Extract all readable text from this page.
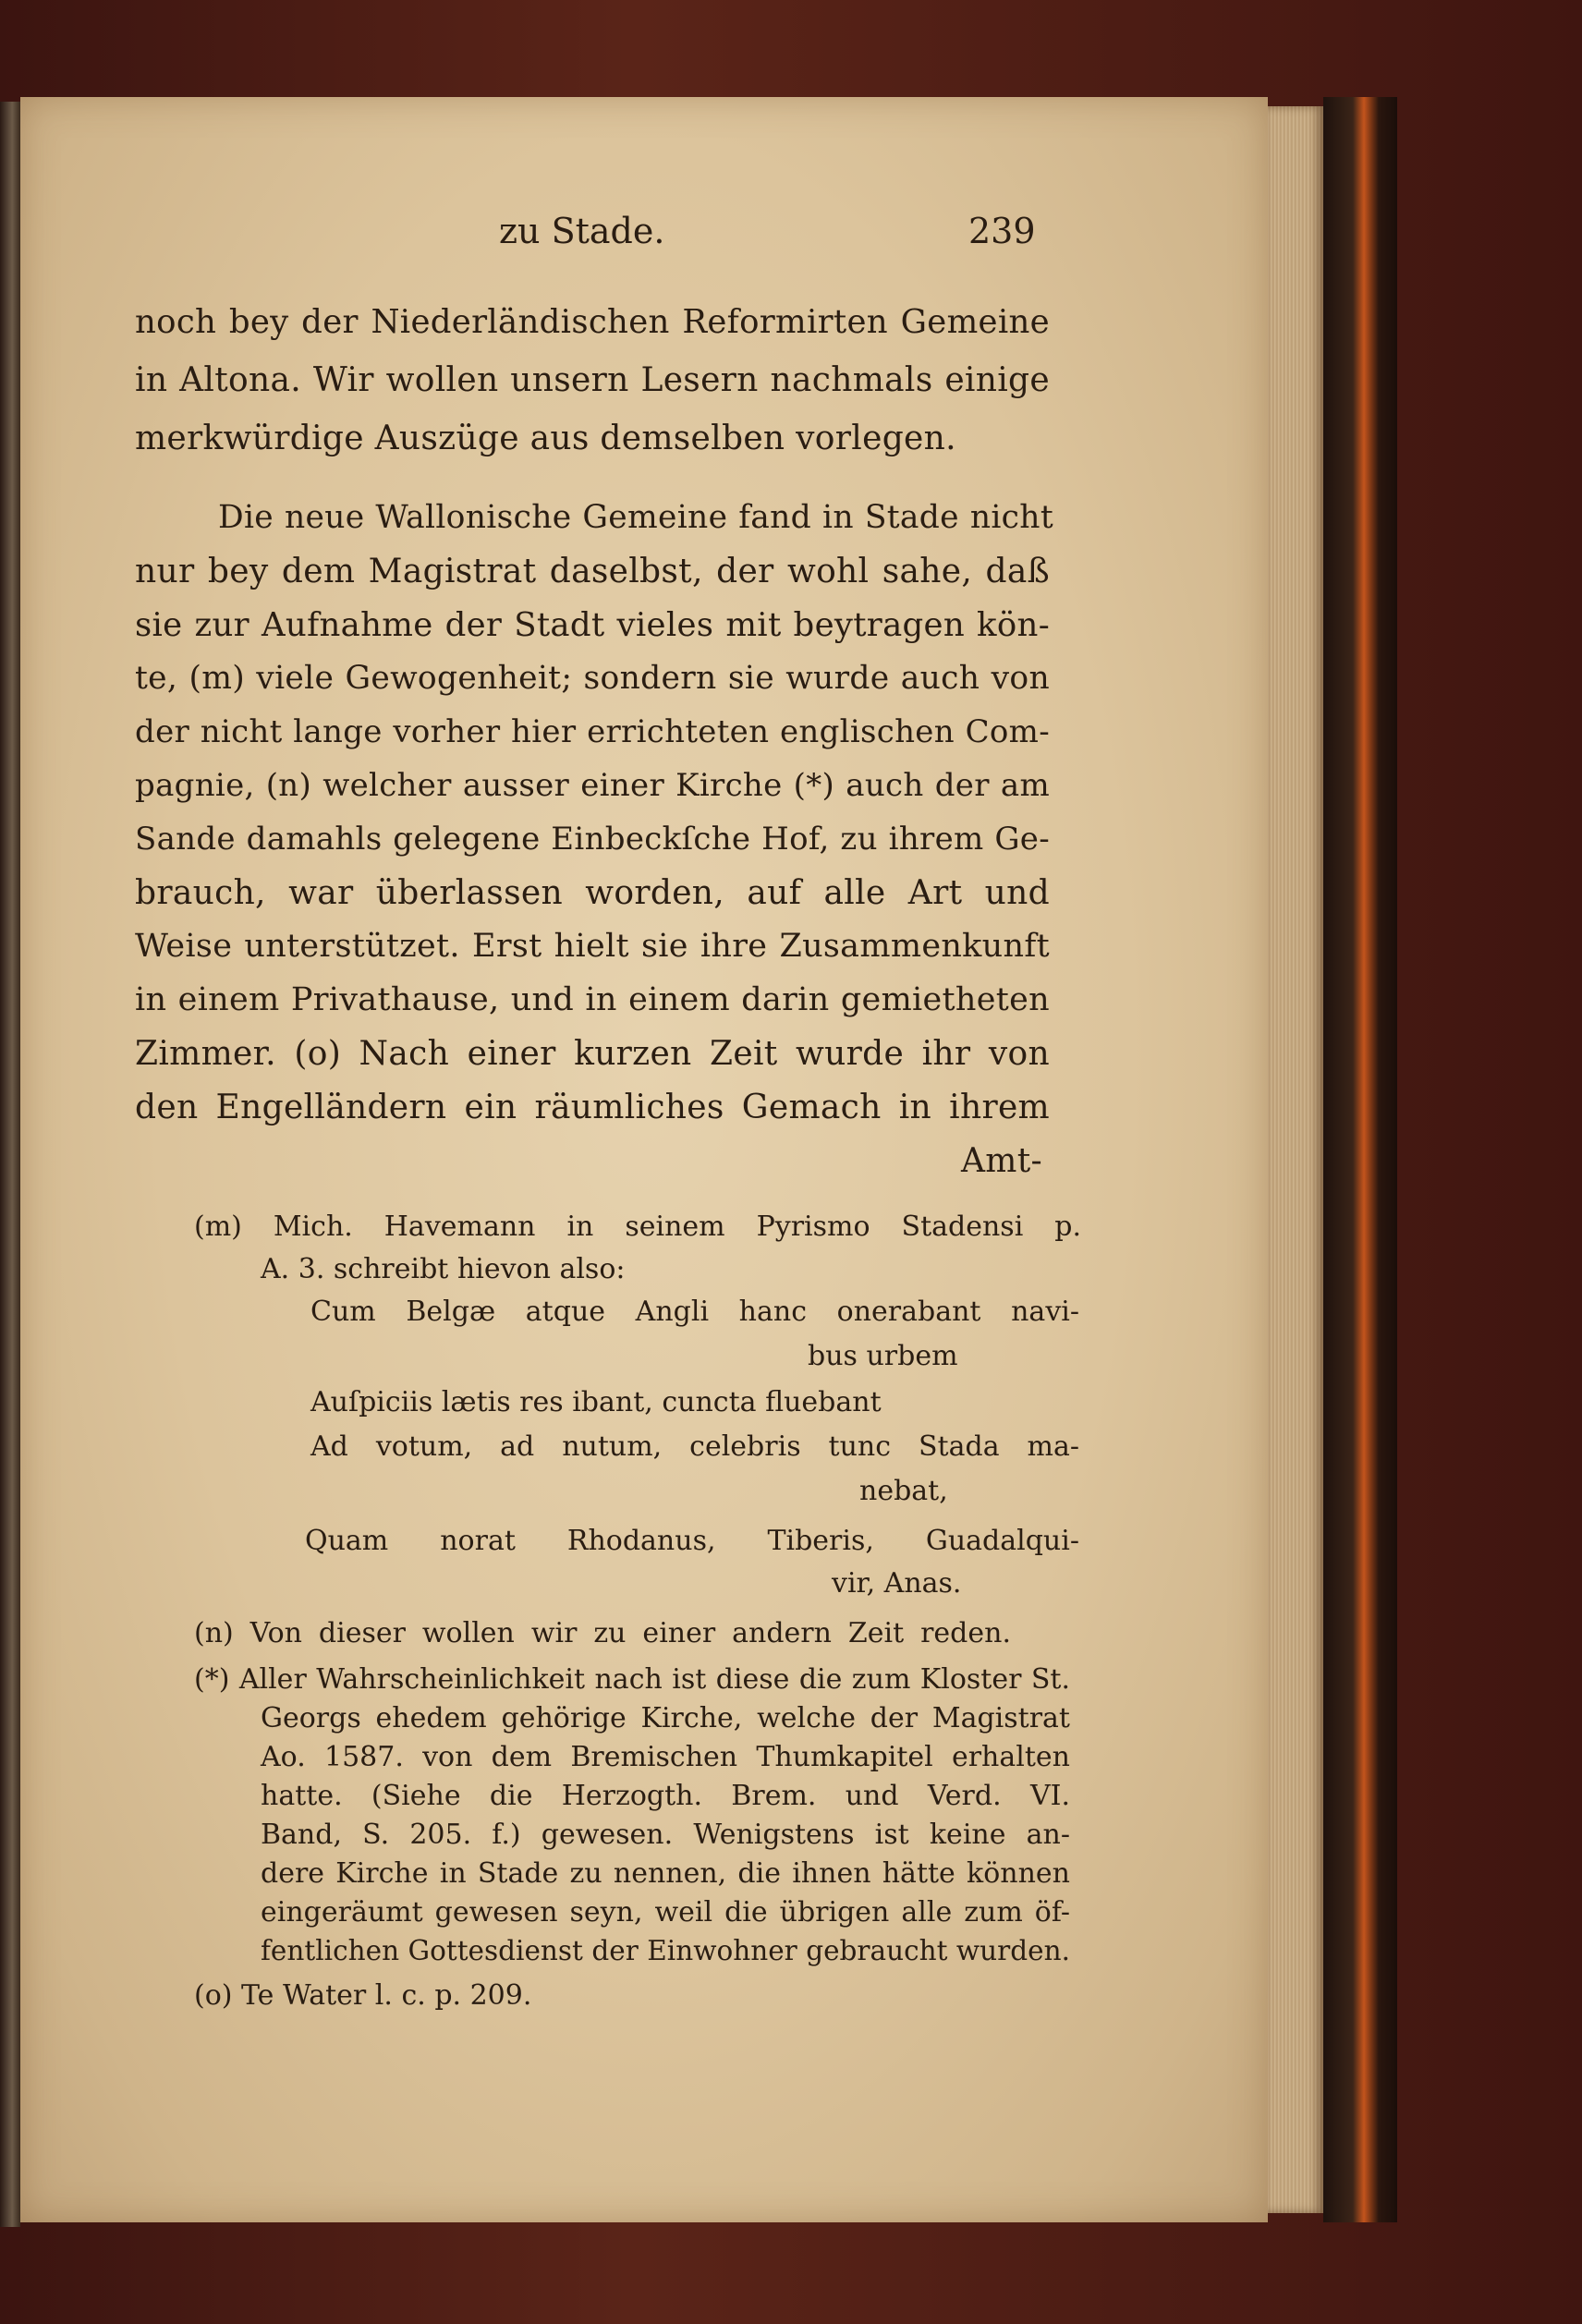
zu Stade.	239
noch bey der Niederländischen Reformirten Gemeine
in Altona. Wir wollen unsern Lesern nachmals einige
merkwürdige Auszüge aus demselben vorlegen.
Die neue Wallonische Gemeine fand in Stade nicht
nur bey dem Magistrat daselbst, der wohl sahe, daß
sie zur Aufnahme der Stadt vieles mit beytragen kön-
te, (m) viele Gewogenheit; sondern sie wurde auch von
der nicht lange vorher hier errichteten englischen Com-
pagnie, (n) welcher ausser einer Kirche (*) auch der am
Sande damahls gelegene Einbeckſche Hof, zu ihrem Ge-
brauch, war überlassen worden, auf alle Art und
Weise unterstützet. Erst hielt sie ihre Zusammenkunft
in einem Privathause, und in einem darin gemietheten
Zimmer. (o) Nach einer kurzen Zeit wurde ihr von
den Engelländern ein räumliches Gemach in ihrem
Amt-
(m) Mich. Havemann in seinem Pyrismo Stadensi p.
A. 3. schreibt hievon also:
Cum Belgæ atque Angli hanc onerabant navi-
bus urbem
Auſpiciis lætis res ibant, cuncta fluebant
Ad votum, ad nutum, celebris tunc Stada ma-
nebat,
Quam norat Rhodanus, Tiberis, Guadalqui-
vir, Anas.
(n) Von dieser wollen wir zu einer andern Zeit reden.
(*) Aller Wahrscheinlichkeit nach ist diese die zum Kloster St.
Georgs ehedem gehörige Kirche, welche der Magistrat
Ao. 1587. von dem Bremischen Thumkapitel erhalten
hatte. (Siehe die Herzogth. Brem. und Verd. VI.
Band, S. 205. f.) gewesen. Wenigstens ist keine an-
dere Kirche in Stade zu nennen, die ihnen hätte können
eingeräumt gewesen seyn, weil die übrigen alle zum öf-
fentlichen Gottesdienst der Einwohner gebraucht wurden.
(o) Te Water l. c. p. 209.
